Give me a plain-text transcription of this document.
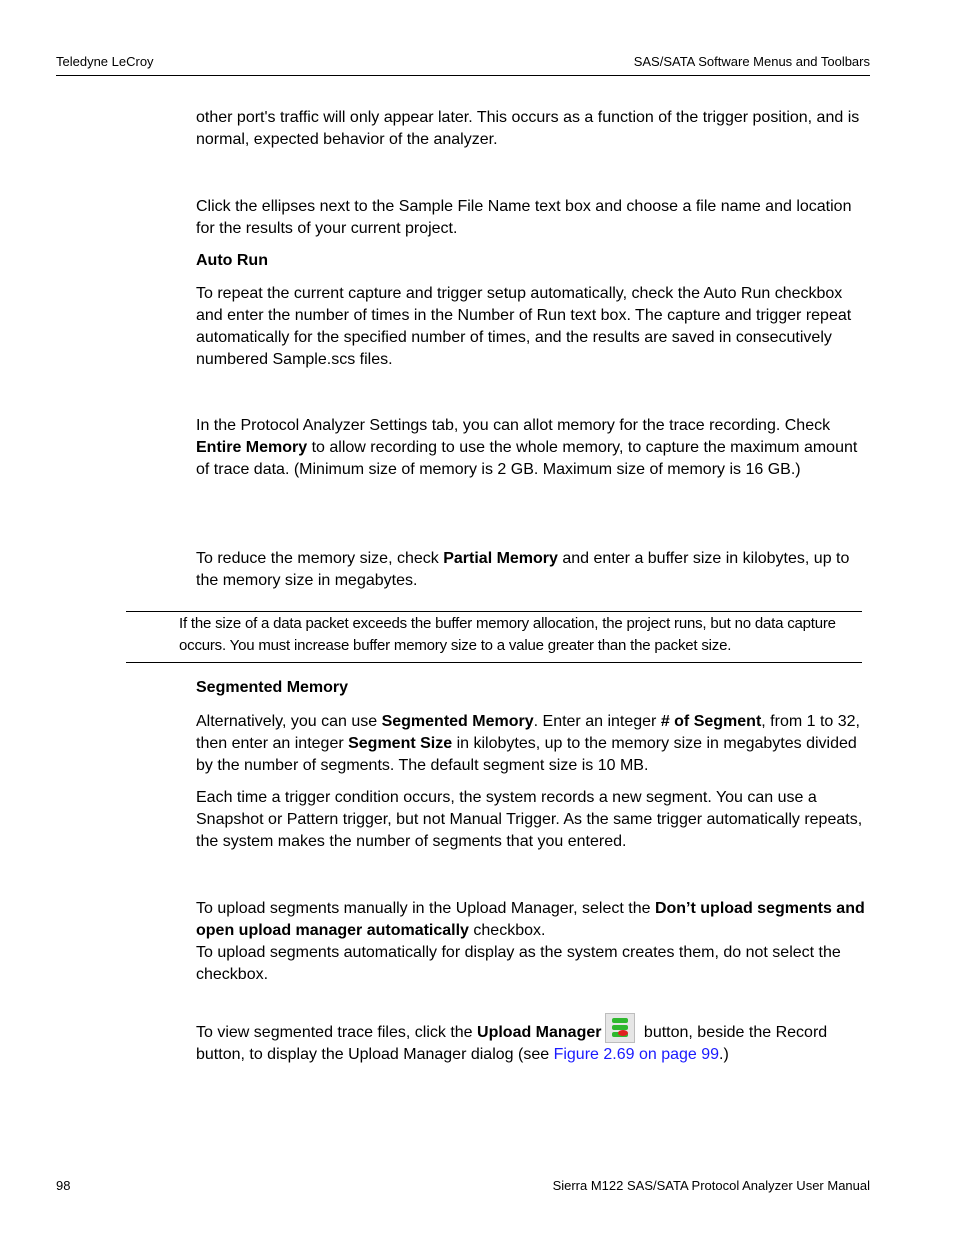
Teledyne LeCroy	SAS/SATA Software Menus and Toolbars
other port's traffic will only appear later. This occurs as a function of the trigger position, and is normal, expected behavior of the analyzer.
Click the ellipses next to the Sample File Name text box and choose a file name and location for the results of your current project.
Auto Run
To repeat the current capture and trigger setup automatically, check the Auto Run checkbox and enter the number of times in the Number of Run text box. The capture and trigger repeat automatically for the specified number of times, and the results are saved in consecutively numbered Sample.scs files.
In the Protocol Analyzer Settings tab, you can allot memory for the trace recording. Check Entire Memory to allow recording to use the whole memory, to capture the maximum amount of trace data. (Minimum size of memory is 2 GB. Maximum size of memory is 16 GB.)
To reduce the memory size, check Partial Memory and enter a buffer size in kilobytes, up to the memory size in megabytes.
If the size of a data packet exceeds the buffer memory allocation, the project runs, but no data capture occurs. You must increase buffer memory size to a value greater than the packet size.
Segmented Memory
Alternatively, you can use Segmented Memory. Enter an integer # of Segment, from 1 to 32, then enter an integer Segment Size in kilobytes, up to the memory size in megabytes divided by the number of segments. The default segment size is 10 MB.
Each time a trigger condition occurs, the system records a new segment. You can use a Snapshot or Pattern trigger, but not Manual Trigger. As the same trigger automatically repeats, the system makes the number of segments that you entered.
To upload segments manually in the Upload Manager, select the Don’t upload segments and open upload manager automatically checkbox.
To upload segments automatically for display as the system creates them, do not select the checkbox.
To view segmented trace files, click the Upload Manager
button, beside the Record button, to display the Upload Manager dialog (see Figure 2.69 on page 99.)
98	Sierra M122 SAS/SATA Protocol Analyzer User Manual
